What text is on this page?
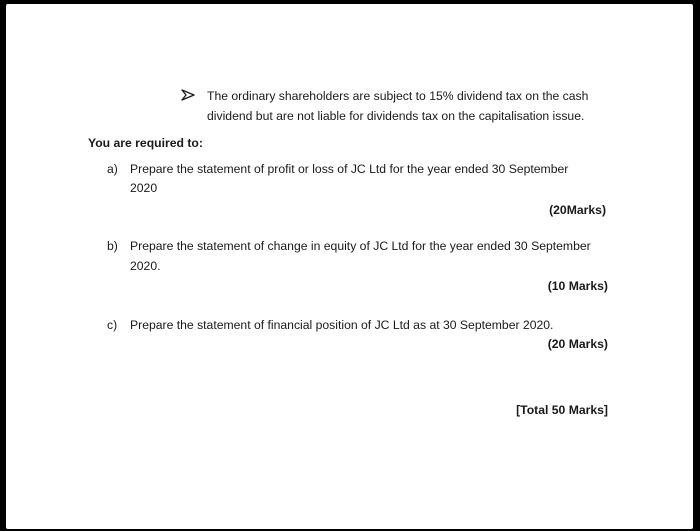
The ordinary shareholders are subject to 15% dividend tax on the cash
dividend but are not liable for dividends tax on the capitalisation issue.
You are required to:
a) Prepare the statement of profit or loss of JC Ltd for the year ended 30 September
2020
(20Marks)
b) Prepare the statement of change in equity of JC Ltd for the year ended 30 September
2020.
(10 Marks)
c) Prepare the statement of financial position of JC Ltd as at 30 September 2020.
(20 Marks)
[Total 50 Marks]
